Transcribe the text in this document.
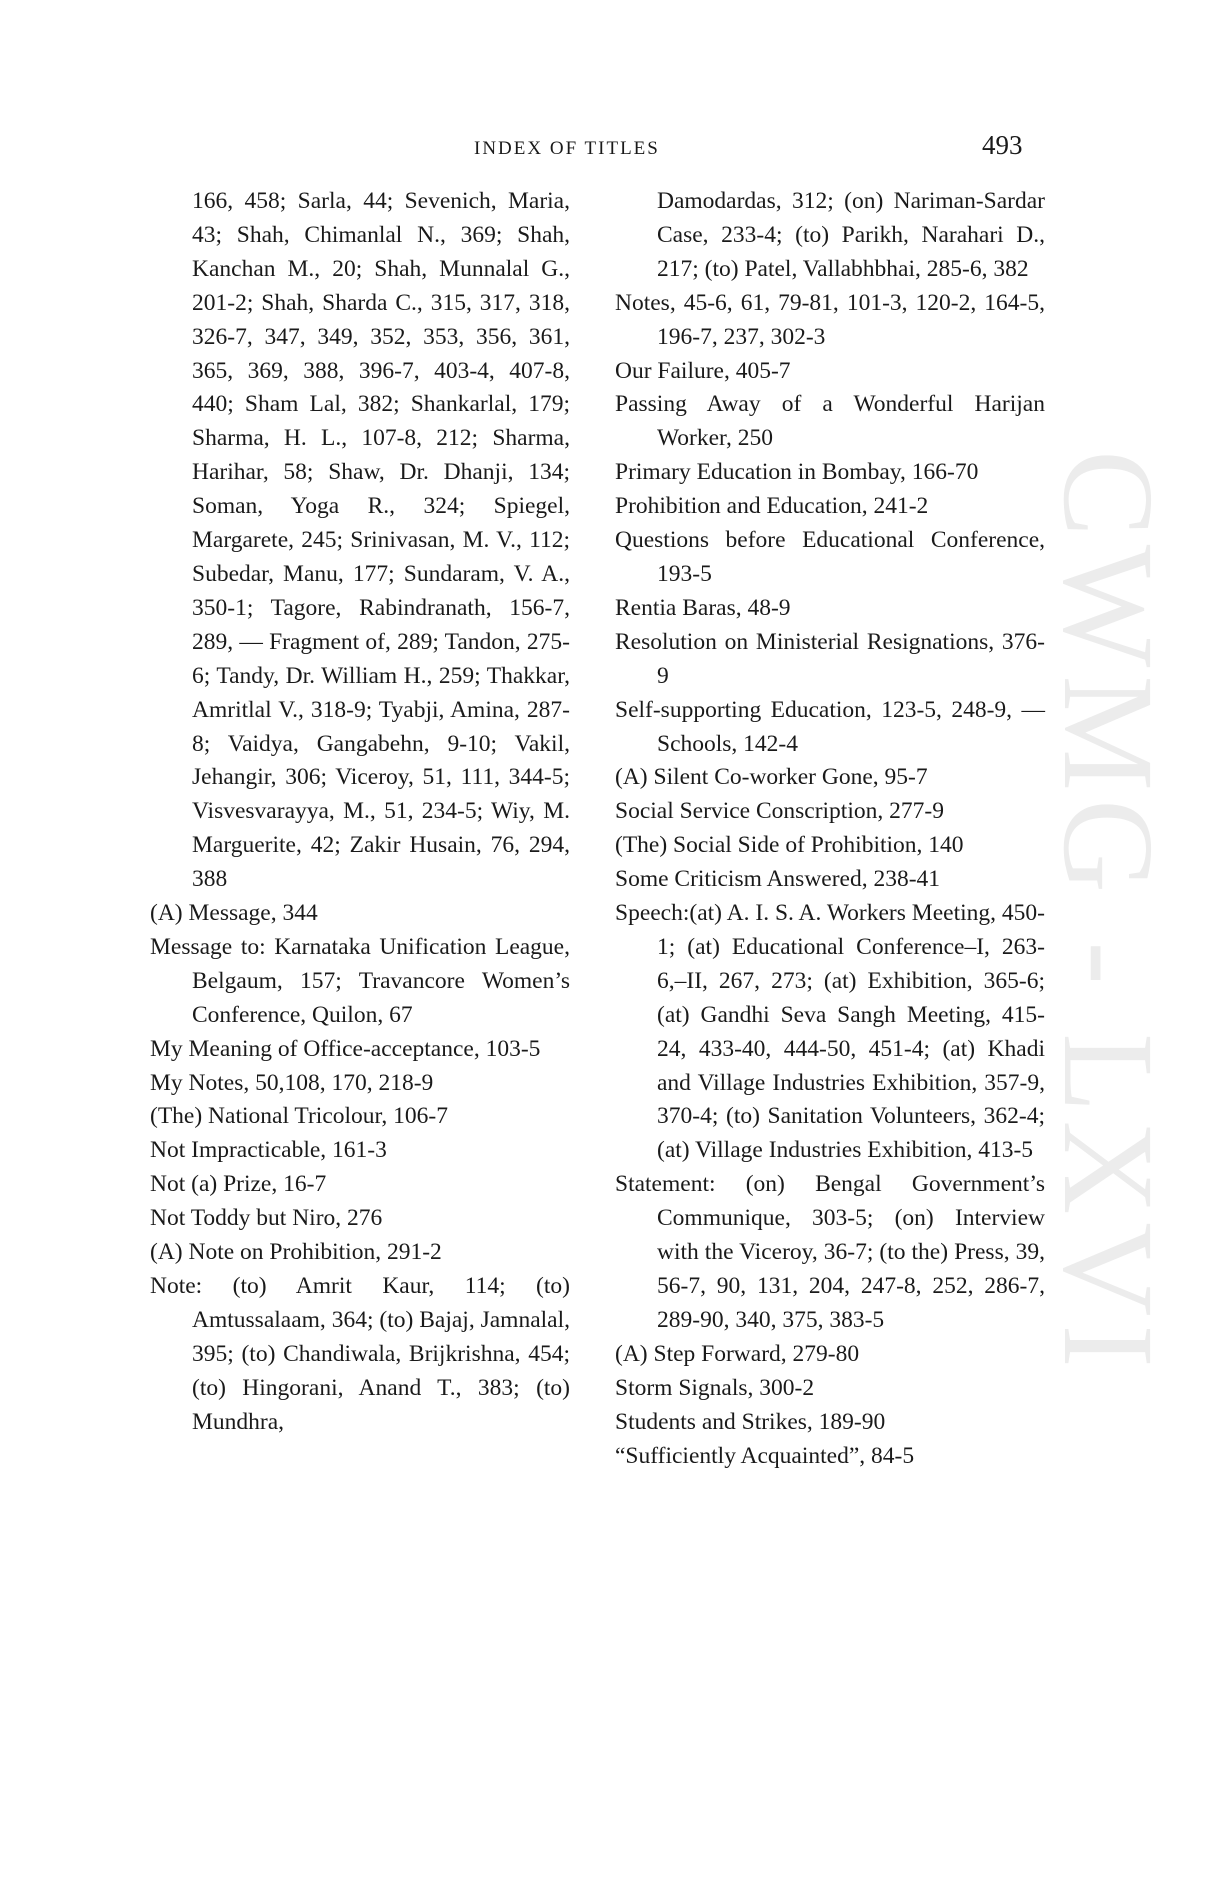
CWMG - LXVI
INDEX OF TITLES	493

166, 458; Sarla, 44; Sevenich, Maria, 43; Shah, Chimanlal N., 369; Shah, Kanchan M., 20; Shah, Munnalal G., 201-2; Shah, Sharda C., 315, 317, 318, 326-7, 347, 349, 352, 353, 356, 361, 365, 369, 388, 396-7, 403-4, 407-8, 440; Sham Lal, 382; Shankarlal, 179; Sharma, H. L., 107-8, 212; Sharma, Harihar, 58; Shaw, Dr. Dhanji, 134; Soman, Yoga R., 324; Spiegel, Margarete, 245; Srinivasan, M. V., 112; Subedar, Manu, 177; Sundaram, V. A., 350-1; Tagore, Rabindranath, 156-7, 289, — Fragment of, 289; Tandon, 275-6; Tandy, Dr. William H., 259; Thakkar, Amritlal V., 318-9; Tyabji, Amina, 287-8; Vaidya, Gangabehn, 9-10; Vakil, Jehangir, 306; Viceroy, 51, 111, 344-5; Visvesvarayya, M., 51, 234-5; Wiy, M. Marguerite, 42; Zakir Husain, 76, 294, 388

(A) Message, 344

Message to: Karnataka Unification League, Belgaum, 157; Travancore Women’s Conference, Quilon, 67

My Meaning of Office-acceptance, 103-5

My Notes, 50,108, 170, 218-9

(The) National Tricolour, 106-7

Not Impracticable, 161-3

Not (a) Prize, 16-7

Not Toddy but Niro, 276

(A) Note on Prohibition, 291-2

Note: (to) Amrit Kaur, 114; (to) Amtussalaam, 364; (to) Bajaj, Jamnalal, 395; (to) Chandiwala, Brijkrishna, 454; (to) Hingorani, Anand T., 383; (to) Mundhra,

Damodardas, 312; (on) Nariman-Sardar Case, 233-4; (to) Parikh, Narahari D., 217; (to) Patel, Vallabhbhai, 285-6, 382

Notes, 45-6, 61, 79-81, 101-3, 120-2, 164-5, 196-7, 237, 302-3

Our Failure, 405-7

Passing Away of a Wonderful Harijan Worker, 250

Primary Education in Bombay, 166-70

Prohibition and Education, 241-2

Questions before Educational Conference, 193-5

Rentia Baras, 48-9

Resolution on Ministerial Resignations, 376-9

Self-supporting Education, 123-5, 248-9, — Schools, 142-4

(A) Silent Co-worker Gone, 95-7

Social Service Conscription, 277-9

(The) Social Side of Prohibition, 140

Some Criticism Answered, 238-41

Speech:(at) A. I. S. A. Workers Meeting, 450-1; (at) Educational Conference–I, 263-6,–II, 267, 273; (at) Exhibition, 365-6; (at) Gandhi Seva Sangh Meeting, 415-24, 433-40, 444-50, 451-4; (at) Khadi and Village Industries Exhibition, 357-9, 370-4; (to) Sanitation Volunteers, 362-4; (at) Village Industries Exhibition, 413-5

Statement: (on) Bengal Government’s Communique, 303-5; (on) Interview with the Viceroy, 36-7; (to the) Press, 39, 56-7, 90, 131, 204, 247-8, 252, 286-7, 289-90, 340, 375, 383-5

(A) Step Forward, 279-80

Storm Signals, 300-2

Students and Strikes, 189-90

“Sufficiently Acquainted”, 84-5
